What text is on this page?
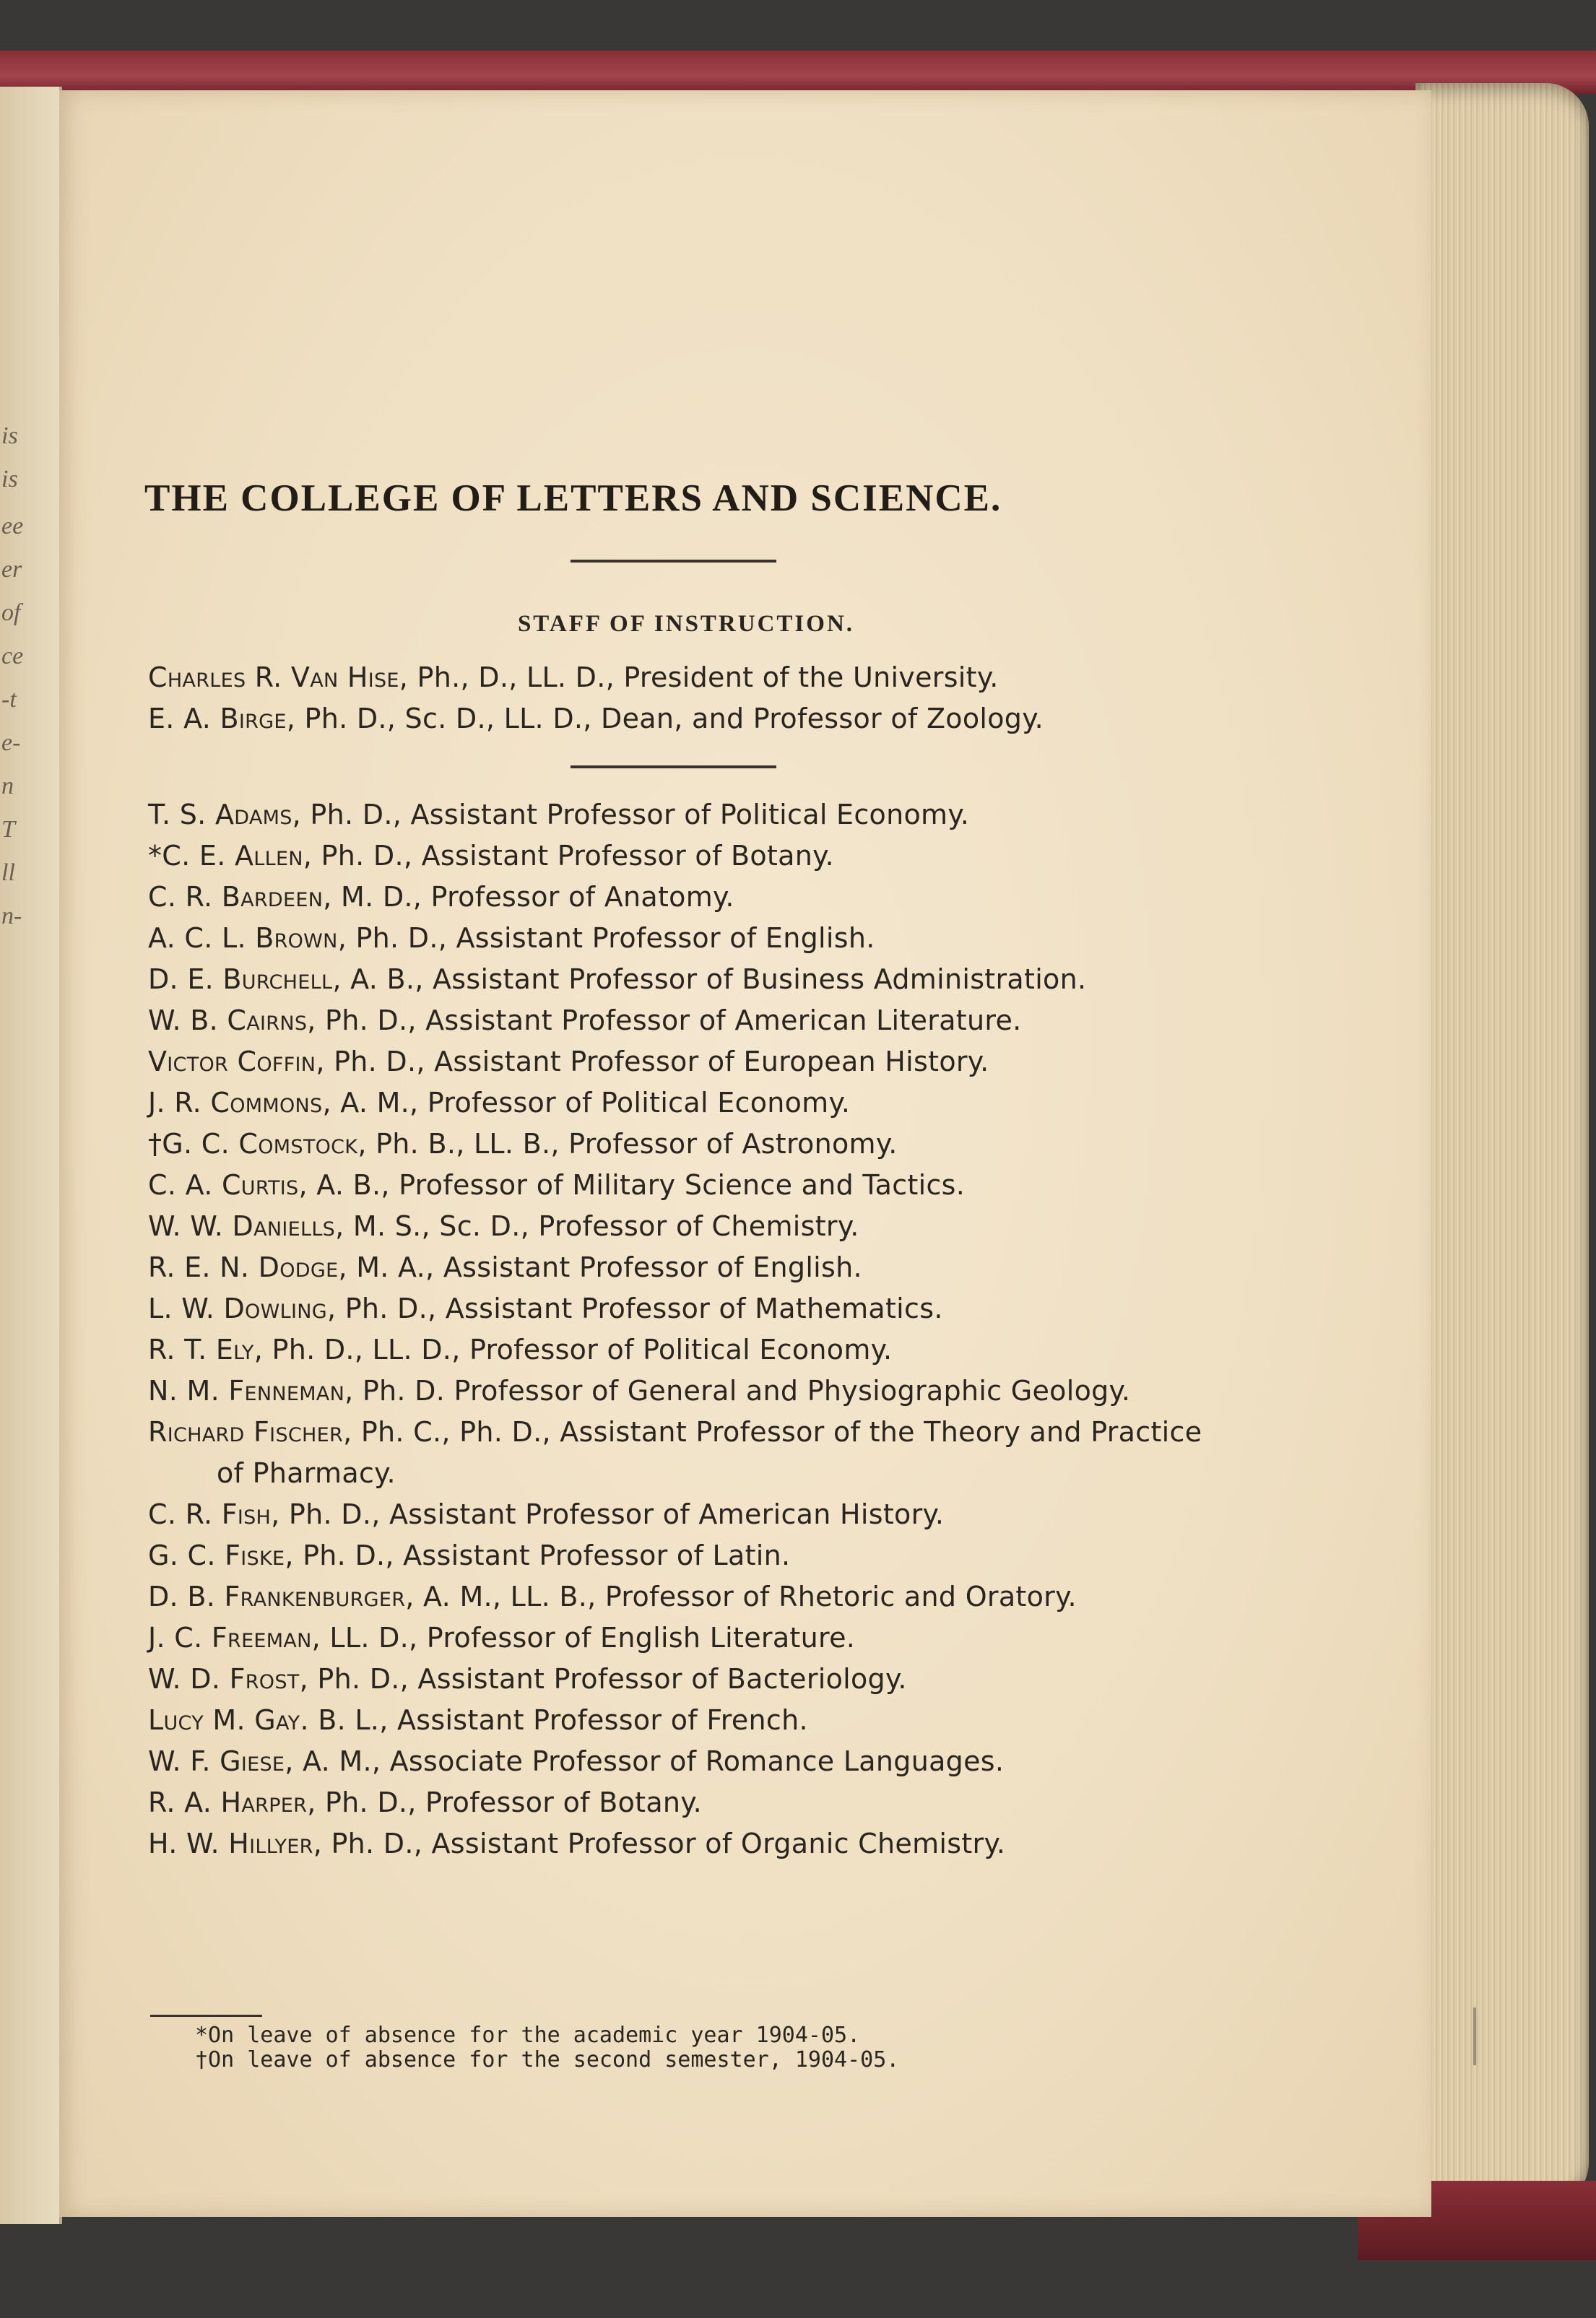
is
is
ee
er
of
ce
-t
e-
n
T
ll
n-
THE COLLEGE OF LETTERS AND SCIENCE.
STAFF OF INSTRUCTION.
Charles R. Van Hise, Ph., D., LL. D., President of the University.
E. A. Birge, Ph. D., Sc. D., LL. D., Dean, and Professor of Zoology.
T. S. Adams, Ph. D., Assistant Professor of Political Economy.
*C. E. Allen, Ph. D., Assistant Professor of Botany.
C. R. Bardeen, M. D., Professor of Anatomy.
A. C. L. Brown, Ph. D., Assistant Professor of English.
D. E. Burchell, A. B., Assistant Professor of Business Administration.
W. B. Cairns, Ph. D., Assistant Professor of American Literature.
Victor Coffin, Ph. D., Assistant Professor of European History.
J. R. Commons, A. M., Professor of Political Economy.
†G. C. Comstock, Ph. B., LL. B., Professor of Astronomy.
C. A. Curtis, A. B., Professor of Military Science and Tactics.
W. W. Daniells, M. S., Sc. D., Professor of Chemistry.
R. E. N. Dodge, M. A., Assistant Professor of English.
L. W. Dowling, Ph. D., Assistant Professor of Mathematics.
R. T. Ely, Ph. D., LL. D., Professor of Political Economy.
N. M. Fenneman, Ph. D. Professor of General and Physiographic Geology.
Richard Fischer, Ph. C., Ph. D., Assistant Professor of the Theory and Practice of Pharmacy.
C. R. Fish, Ph. D., Assistant Professor of American History.
G. C. Fiske, Ph. D., Assistant Professor of Latin.
D. B. Frankenburger, A. M., LL. B., Professor of Rhetoric and Oratory.
J. C. Freeman, LL. D., Professor of English Literature.
W. D. Frost, Ph. D., Assistant Professor of Bacteriology.
Lucy M. Gay. B. L., Assistant Professor of French.
W. F. Giese, A. M., Associate Professor of Romance Languages.
R. A. Harper, Ph. D., Professor of Botany.
H. W. Hillyer, Ph. D., Assistant Professor of Organic Chemistry.
*On leave of absence for the academic year 1904-05.
†On leave of absence for the second semester, 1904-05.
